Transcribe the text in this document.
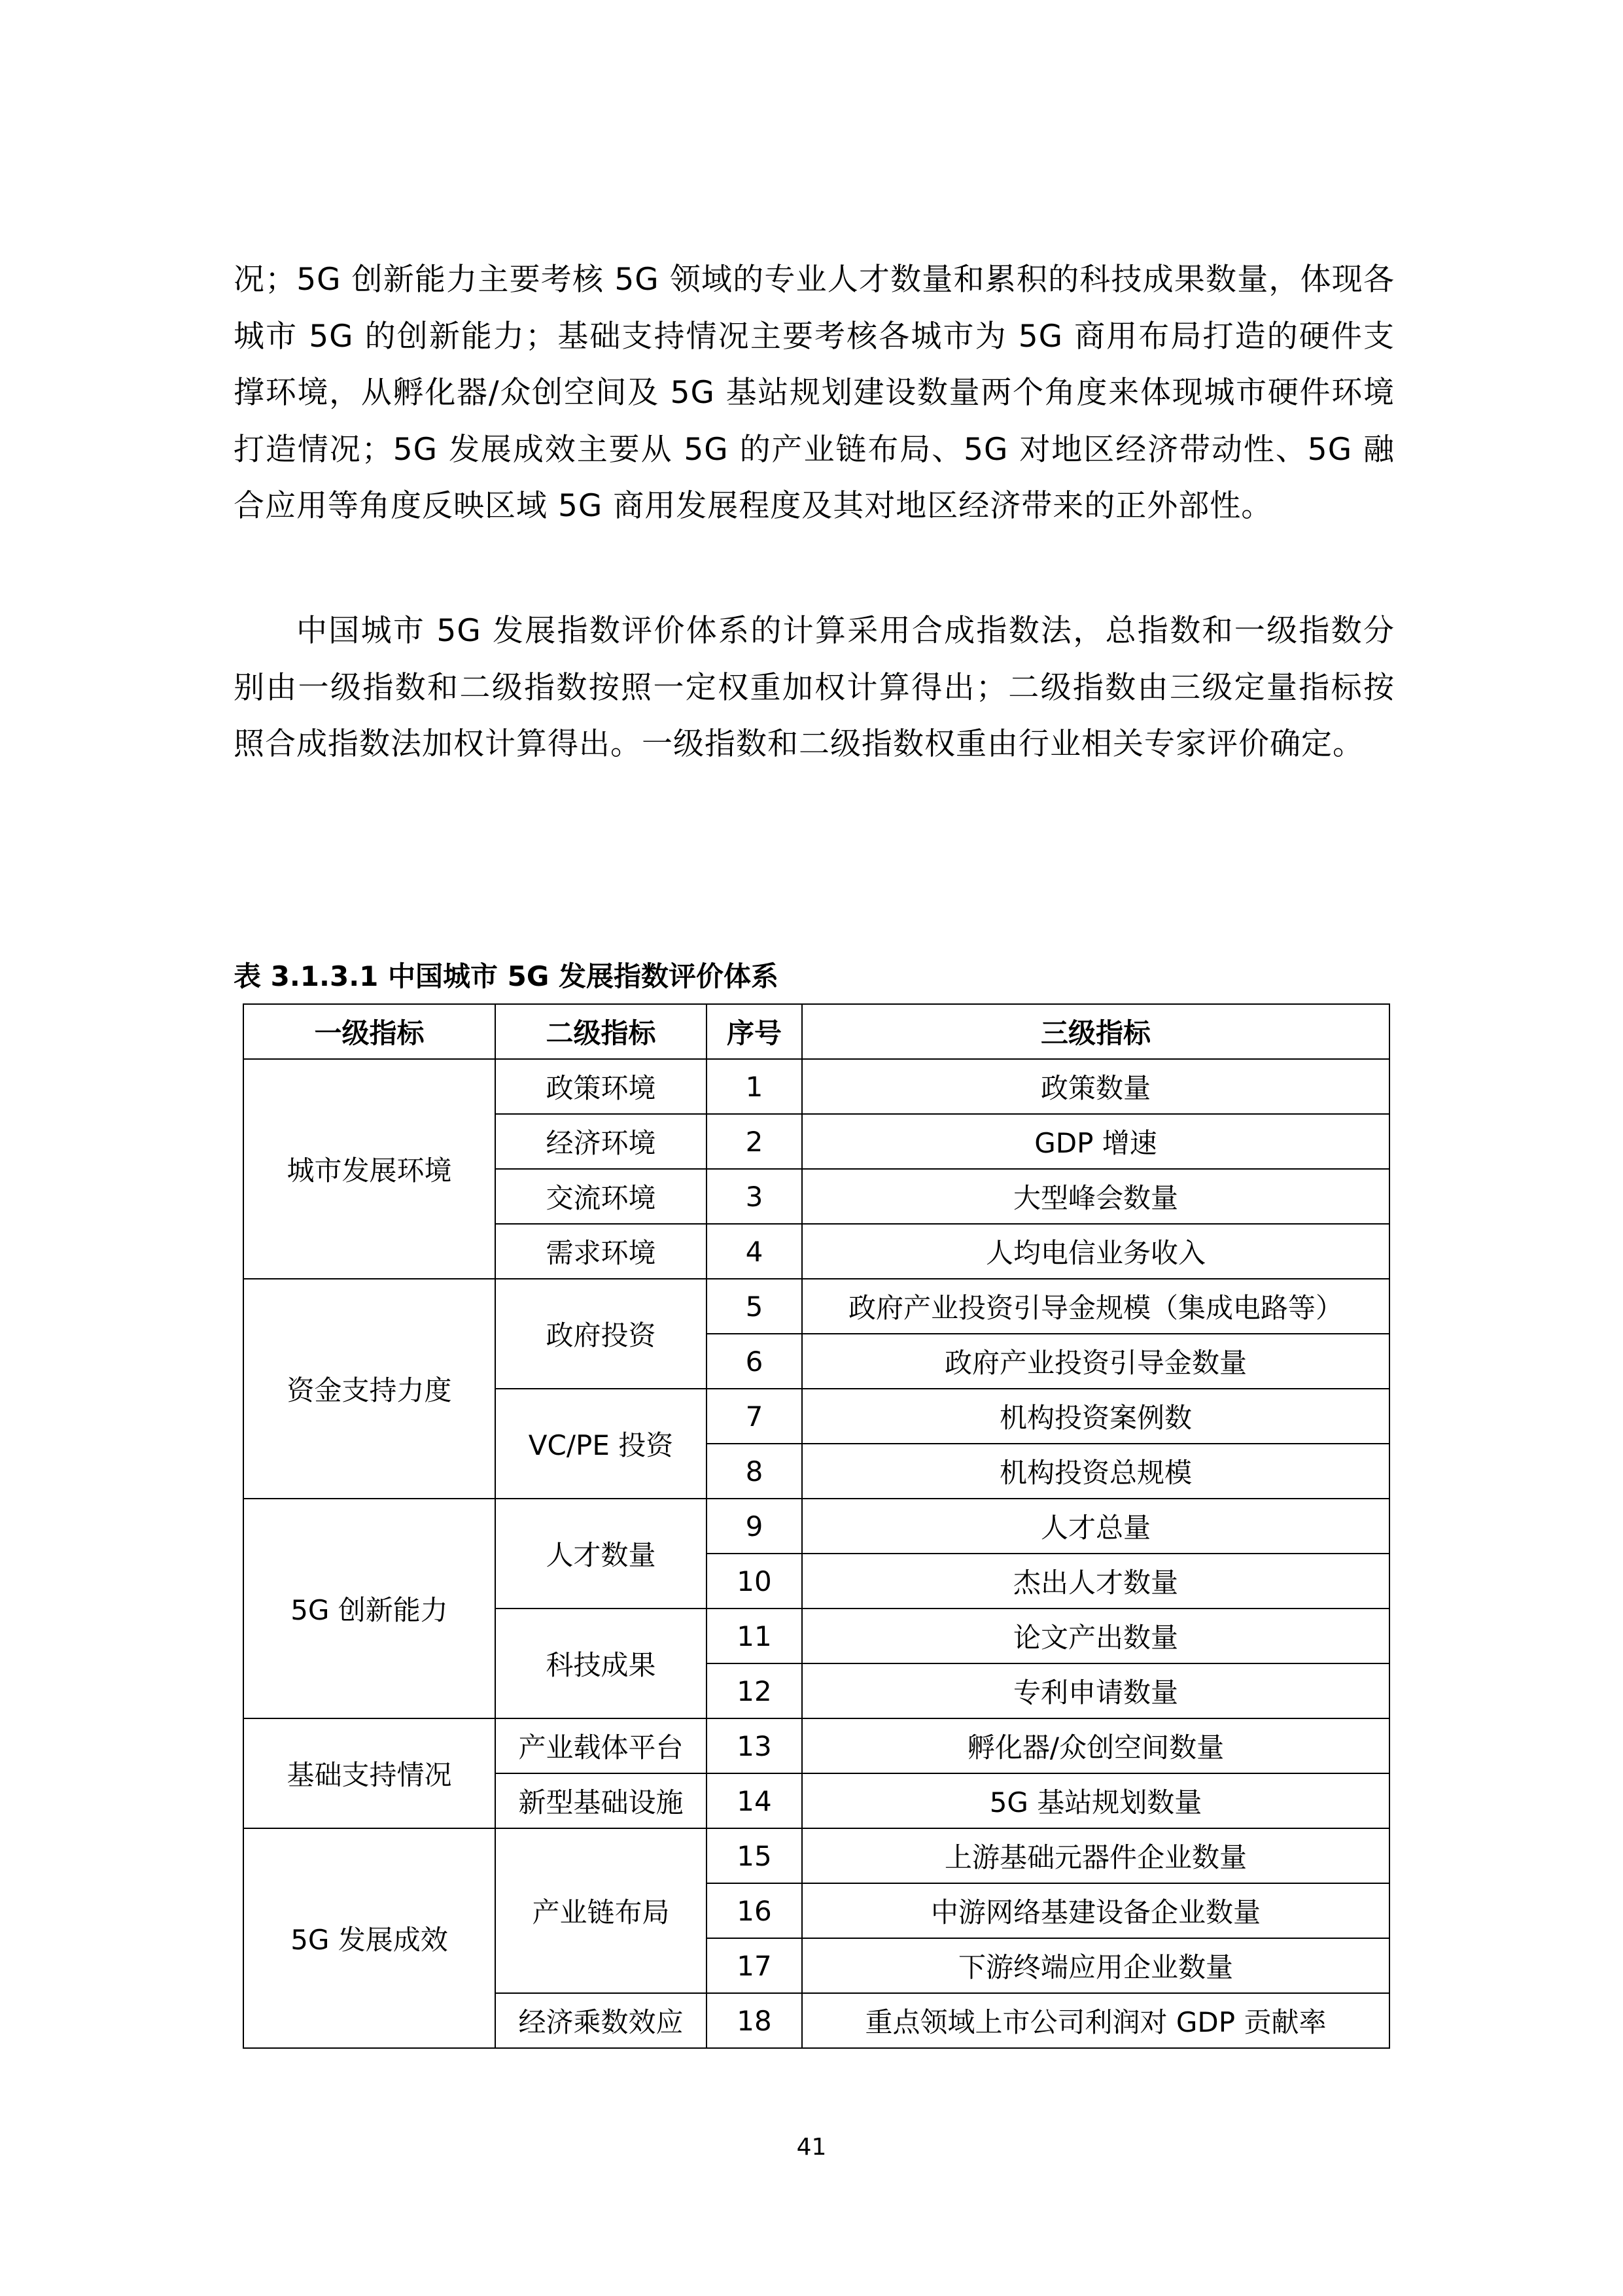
况；5G 创新能力主要考核 5G 领域的专业人才数量和累积的科技成果数量，体现各城市 5G 的创新能力；基础支持情况主要考核各城市为 5G 商用布局打造的硬件支撑环境，从孵化器/众创空间及 5G 基站规划建设数量两个角度来体现城市硬件环境打造情况；5G 发展成效主要从 5G 的产业链布局、5G 对地区经济带动性、5G 融合应用等角度反映区域 5G 商用发展程度及其对地区经济带来的正外部性。

中国城市 5G 发展指数评价体系的计算采用合成指数法，总指数和一级指数分别由一级指数和二级指数按照一定权重加权计算得出；二级指数由三级定量指标按照合成指数法加权计算得出。一级指数和二级指数权重由行业相关专家评价确定。

表 3.1.3.1 中国城市 5G 发展指数评价体系

一级指标	二级指标	序号	三级指标
城市发展环境	政策环境	1	政策数量
	经济环境	2	GDP 增速
	交流环境	3	大型峰会数量
	需求环境	4	人均电信业务收入
资金支持力度	政府投资	5	政府产业投资引导金规模（集成电路等）
		6	政府产业投资引导金数量
	VC/PE 投资	7	机构投资案例数
		8	机构投资总规模
5G 创新能力	人才数量	9	人才总量
		10	杰出人才数量
	科技成果	11	论文产出数量
		12	专利申请数量
基础支持情况	产业载体平台	13	孵化器/众创空间数量
	新型基础设施	14	5G 基站规划数量
5G 发展成效	产业链布局	15	上游基础元器件企业数量
		16	中游网络基建设备企业数量
		17	下游终端应用企业数量
	经济乘数效应	18	重点领域上市公司利润对 GDP 贡献率

41
